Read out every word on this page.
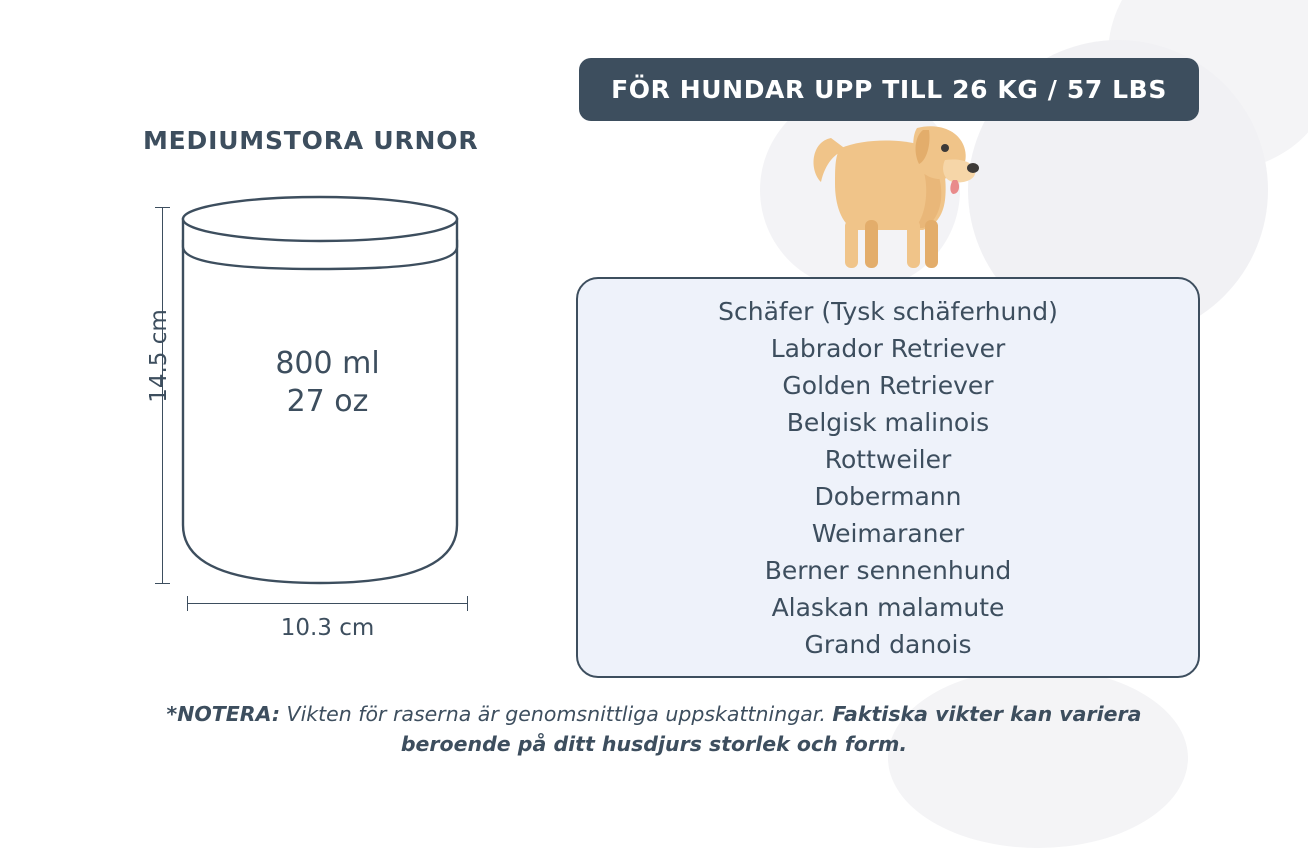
MEDIUMSTORA URNOR
14.5 cm	800 ml
27 oz
10.3 cm
FÖR HUNDAR UPP TILL 26 KG / 57 LBS
Schäfer (Tysk schäferhund)
Labrador Retriever
Golden Retriever
Belgisk malinois
Rottweiler
Dobermann
Weimaraner
Berner sennenhund
Alaskan malamute
Grand danois
*NOTERA: Vikten för raserna är genomsnittliga uppskattningar. Faktiska vikter kan variera beroende på ditt husdjurs storlek och form.
